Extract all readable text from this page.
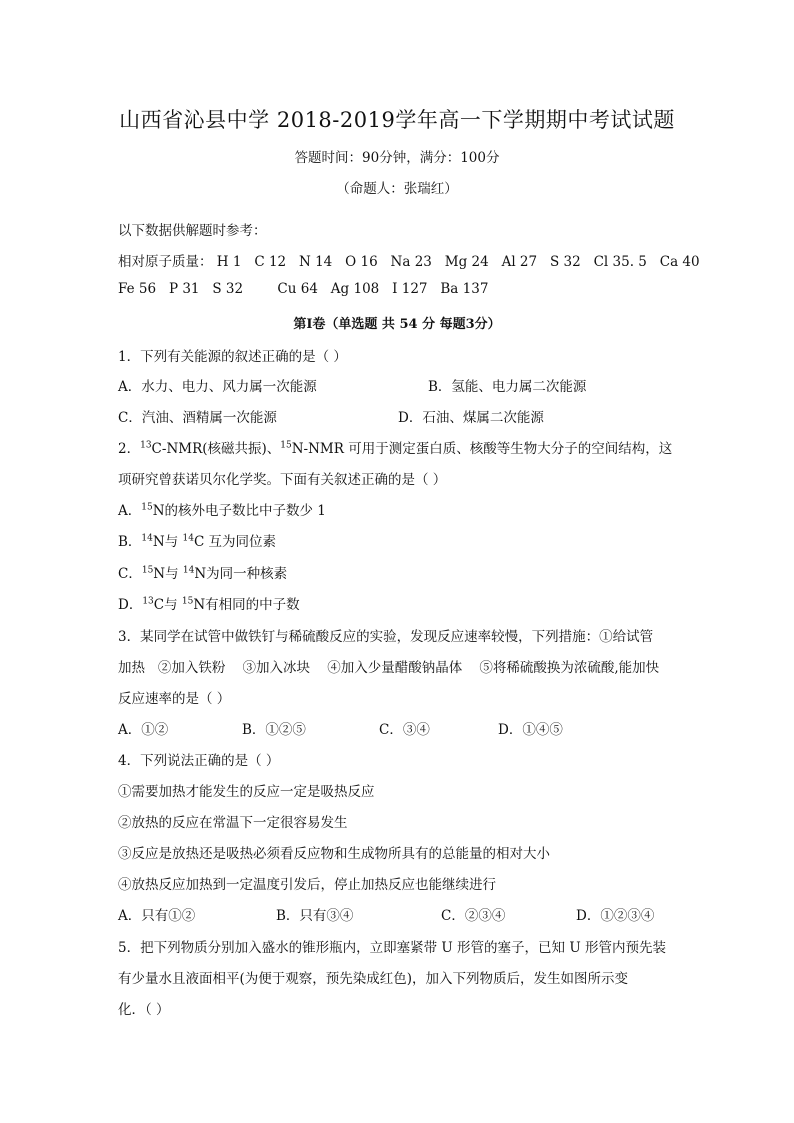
山西省沁县中学 2018-2019学年高一下学期期中考试试题
答题时间：90分钟，满分：100分
（命题人：张瑞红）
以下数据供解题时参考：
相对原子质量： H 1   C 12   N 14   O 16   Na 23   Mg 24   Al 27   S 32   Cl 35. 5   Ca 40
Fe 56   P 31   S 32        Cu 64   Ag 108   I 127   Ba 137
第Ⅰ卷（单选题 共 54 分 每题3分）
1．下列有关能源的叙述正确的是（ ）
A．水力、电力、风力属一次能源	B．氢能、电力属二次能源
C．汽油、酒精属一次能源	D．石油、煤属二次能源
2．$^{13}$C-NMR(核磁共振)、$^{15}$N-NMR 可用于测定蛋白质、核酸等生物大分子的空间结构，这
项研究曾获诺贝尔化学奖。下面有关叙述正确的是（ ）
A．$^{15}$N的核外电子数比中子数少 1
B．$^{14}$N与 $^{14}$C 互为同位素
C．$^{15}$N与 $^{14}$N为同一种核素
D．$^{13}$C与 $^{15}$N有相同的中子数
3．某同学在试管中做铁钉与稀硫酸反应的实验，发现反应速率较慢，下列措施：①给试管
加热   ②加入铁粉    ③加入冰块    ④加入少量醋酸钠晶体    ⑤将稀硫酸换为浓硫酸,能加快
反应速率的是（ ）
A．①②	B．①②⑤	C．③④	D．①④⑤
4．下列说法正确的是（ ）
①需要加热才能发生的反应一定是吸热反应
②放热的反应在常温下一定很容易发生
③反应是放热还是吸热必须看反应物和生成物所具有的总能量的相对大小
④放热反应加热到一定温度引发后，停止加热反应也能继续进行
A．只有①②	B．只有③④	C．②③④	D．①②③④
5．把下列物质分别加入盛水的锥形瓶内，立即塞紧带 U 形管的塞子，已知 U 形管内预先装
有少量水且液面相平(为便于观察，预先染成红色)，加入下列物质后，发生如图所示变
化．（ ）
